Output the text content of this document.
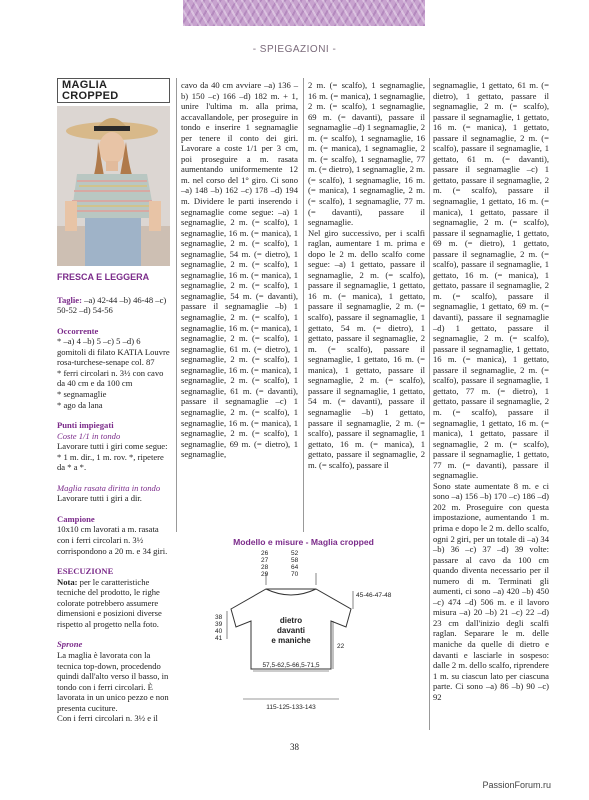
- SPIEGAZIONI -
MAGLIA CROPPED
FRESCA E LEGGERA

Taglie: –a) 42-44 –b) 46-48 –c) 50-52 –d) 54-56

Occorrente

* –a) 4 –b) 5 –c) 5 –d) 6 gomitoli di filato KATIA Louvre rosa-turchese-senape col. 87

* ferri circolari n. 3½ con cavo da 40 cm e da 100 cm

* segnamaglie

* ago da lana

Punti impiegati

Coste 1/1 in tondo

Lavorare tutti i giri come segue: * 1 m. dir., 1 m. rov. *, ripetere da * a *.

Maglia rasata diritta in tondo

Lavorare tutti i giri a dir.

Campione

10x10 cm lavorati a m. rasata con i ferri circolari n. 3½ corrispondono a 20 m. e 34 giri.

ESECUZIONE

Nota: per le caratteristiche tecniche del prodotto, le righe colorate potrebbero assumere dimensioni e posizioni diverse rispetto al progetto nella foto.

Sprone

La maglia è lavorata con la tecnica top-down, procedendo quindi dall'alto verso il basso, in tondo con i ferri circolari. È lavorata in un unico pezzo e non presenta cuciture.

Con i ferri circolari n. 3½ e il

cavo da 40 cm avviare –a) 136 –b) 150 –c) 166 –d) 182 m. + 1, unire l'ultima m. alla prima, accavallandole, per proseguire in tondo e inserire 1 segnamaglie per tenere il conto dei giri. Lavorare a coste 1/1 per 3 cm, poi proseguire a m. rasata aumentando uniformemente 12 m. nel corso del 1° giro. Ci sono –a) 148 –b) 162 –c) 178 –d) 194 m. Dividere le parti inserendo i segnamaglie come segue: –a) 1 segnamaglie, 2 m. (= scalfo), 1 segnamaglie, 16 m. (= manica), 1 segnamaglie, 2 m. (= scalfo), 1 segnamaglie, 54 m. (= dietro), 1 segnamaglie, 2 m. (= scalfo), 1 segnamaglie, 16 m. (= manica), 1 segnamaglie, 2 m. (= scalfo), 1 segnamaglie, 54 m. (= davanti), passare il segnamaglie –b) 1 segnamaglie, 2 m. (= scalfo), 1 segnamaglie, 16 m. (= manica), 1 segnamaglie, 2 m. (= scalfo), 1 segnamaglie, 61 m. (= dietro), 1 segnamaglie, 2 m. (= scalfo), 1 segnamaglie, 16 m. (= manica), 1 segnamaglie, 2 m. (= scalfo), 1 segnamaglie, 61 m. (= davanti), passare il segnamaglie –c) 1 segnamaglie, 2 m. (= scalfo), 1 segnamaglie, 16 m. (= manica), 1 segnamaglie, 2 m. (= scalfo), 1 segnamaglie, 69 m. (= dietro), 1 segnamaglie,

2 m. (= scalfo), 1 segnamaglie, 16 m. (= manica), 1 segnamaglie, 2 m. (= scalfo), 1 segnamaglie, 69 m. (= davanti), passare il segnamaglie –d) 1 segnamaglie, 2 m. (= scalfo), 1 segnamaglie, 16 m. (= manica), 1 segnamaglie, 2 m. (= scalfo), 1 segnamaglie, 77 m. (= dietro), 1 segnamaglie, 2 m. (= scalfo), 1 segnamaglie, 16 m. (= manica), 1 segnamaglie, 2 m. (= scalfo), 1 segnamaglie, 77 m. (= davanti), passare il segnamaglie.

Nel giro successivo, per i scalfi raglan, aumentare 1 m. prima e dopo le 2 m. dello scalfo come segue: –a) 1 gettato, passare il segnamaglie, 2 m. (= scalfo), passare il segnamaglie, 1 gettato, 16 m. (= manica), 1 gettato, passare il segnamaglie, 2 m. (= scalfo), passare il segnamaglie, 1 gettato, 54 m. (= dietro), 1 gettato, passare il segnamaglie, 2 m. (= scalfo), passare il segnamaglie, 1 gettato, 16 m. (= manica), 1 gettato, passare il segnamaglie, 2 m. (= scalfo), passare il segnamaglie, 1 gettato, 54 m. (= davanti), passare il segnamaglie –b) 1 gettato, passare il segnamaglie, 2 m. (= scalfo), passare il segnamaglie, 1 gettato, 16 m. (= manica), 1 gettato, passare il segnamaglie, 2 m. (= scalfo), passare il

segnamaglie, 1 gettato, 61 m. (= dietro), 1 gettato, passare il segnamaglie, 2 m. (= scalfo), passare il segnamaglie, 1 gettato, 16 m. (= manica), 1 gettato, passare il segnamaglie, 2 m. (= scalfo), passare il segnamaglie, 1 gettato, 61 m. (= davanti), passare il segnamaglie –c) 1 gettato, passare il segnamaglie, 2 m. (= scalfo), passare il segnamaglie, 1 gettato, 16 m. (= manica), 1 gettato, passare il segnamaglie, 2 m. (= scalfo), passare il segnamaglie, 1 gettato, 69 m. (= dietro), 1 gettato, passare il segnamaglie, 2 m. (= scalfo), passare il segnamaglie, 1 gettato, 16 m. (= manica), 1 gettato, passare il segnamaglie, 2 m. (= scalfo), passare il segnamaglie, 1 gettato, 69 m. (= davanti), passare il segnamaglie –d) 1 gettato, passare il segnamaglie, 2 m. (= scalfo), passare il segnamaglie, 1 gettato, 16 m. (= manica), 1 gettato, passare il segnamaglie, 2 m. (= scalfo), passare il segnamaglie, 1 gettato, 77 m. (= dietro), 1 gettato, passare il segnamaglie, 2 m. (= scalfo), passare il segnamaglie, 1 gettato, 16 m. (= manica), 1 gettato, passare il segnamaglie, 2 m. (= scalfo), passare il segnamaglie, 1 gettato, 77 m. (= davanti), passare il segnamaglie.

Sono state aumentate 8 m. e ci sono –a) 156 –b) 170 –c) 186 –d) 202 m. Proseguire con questa impostazione, aumentando 1 m. prima e dopo le 2 m. dello scalfo, ogni 2 giri, per un totale di –a) 34 –b) 36 –c) 37 –d) 39 volte: passare al cavo da 100 cm quando diventa necessario per il numero di m. Terminati gli aumenti, ci sono –a) 420 –b) 450 –c) 474 –d) 506 m. e il lavoro misura –a) 20 –b) 21 –c) 22 –d) 23 cm dall'inizio degli scalfi raglan. Separare le m. delle maniche da quelle di dietro e davanti e lasciarle in sospeso: dalle 2 m. dello scalfo, riprendere 1 m. su ciascun lato per ciascuna parte. Ci sono –a) 86 –b) 90 –c) 92

Modello e misure - Maglia cropped
26
27
28
29
52
58
64
70
45-46-47-48
38
39
40
41
22
dietro
davanti
e maniche
57,5-62,5-66,5-71,5
115-125-133-143
38
PassionForum.ru
